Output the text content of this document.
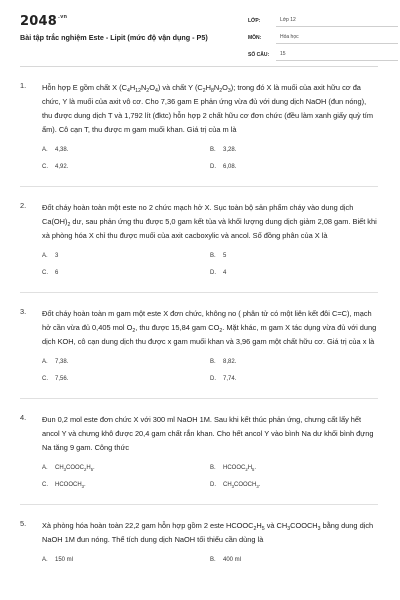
$2048^{.vn}$
Bài tập trắc nghiệm Este - Lipit (mức độ vận dụng - P5)
LỚP:	Lớp 12
MÔN:	Hóa học
SỐ CÂU:	15
1. Hỗn hợp E gồm chất X $(C_4H_{12}N_2O_4)$ và chất Y $(C_2H_8N_2O_3)$; trong đó X là muối của axit hữu cơ đa chức, Y là muối của axit vô cơ. Cho 7,36 gam E phản ứng vừa đủ với dung dịch NaOH (đun nóng), thu được dung dịch T và 1,792 lít (đktc) hỗn hợp 2 chất hữu cơ đơn chức (đều làm xanh giấy quỳ tím ẩm). Cô cạn T, thu được m gam muối khan. Giá trị của m là
A.	4,38.	B.	3,28.
C.	4,92.	D.	6,08.
2. Đốt cháy hoàn toàn một este no 2 chức mạch hở X. Sục toàn bộ sản phẩm cháy vào dung dịch $Ca(OH)_2$ dư, sau phản ứng thu được 5,0 gam kết tủa và khối lượng dung dịch giảm 2,08 gam. Biết khi xà phòng hóa X chỉ thu được muối của axit cacboxylic và ancol. Số đồng phân của X là
A.	3	B.	5
C.	6	D.	4
3. Đốt cháy hoàn toàn m gam một este X đơn chức, không no ( phân tử có một liên kết đôi C=C), mạch hở cần vừa đủ 0,405 mol $O_2$, thu được 15,84 gam $CO_2$. Mặt khác, m gam X tác dụng vừa đủ với dung dịch KOH, cô cạn dung dịch thu được x gam muối khan và 3,96 gam một chất hữu cơ. Giá trị của x là
A.	7,38.	B.	8,82.
C.	7,56.	D.	7,74.
4. Đun 0,2 mol este đơn chức X với 300 ml NaOH 1M. Sau khi kết thúc phản ứng, chưng cất lấy hết ancol Y và chưng khô được 20,4 gam chất rắn khan. Cho hết ancol Y vào bình Na dư khối bình đựng Na tăng 9 gam. Công thức
A.	$CH_3COOC_2H_5$.	B.	$HCOOC_2H_5$.
C.	$HCOOCH_3$.	D.	$CH_3COOCH_3$.
5. Xà phòng hóa hoàn toàn 22,2 gam hỗn hợp gồm 2 este $HCOOC_2H_5$ và $CH_3COOCH_3$ bằng dung dịch NaOH 1M đun nóng. Thể tích dung dịch NaOH tối thiểu cần dùng là
A.	150 ml	B.	400 ml
